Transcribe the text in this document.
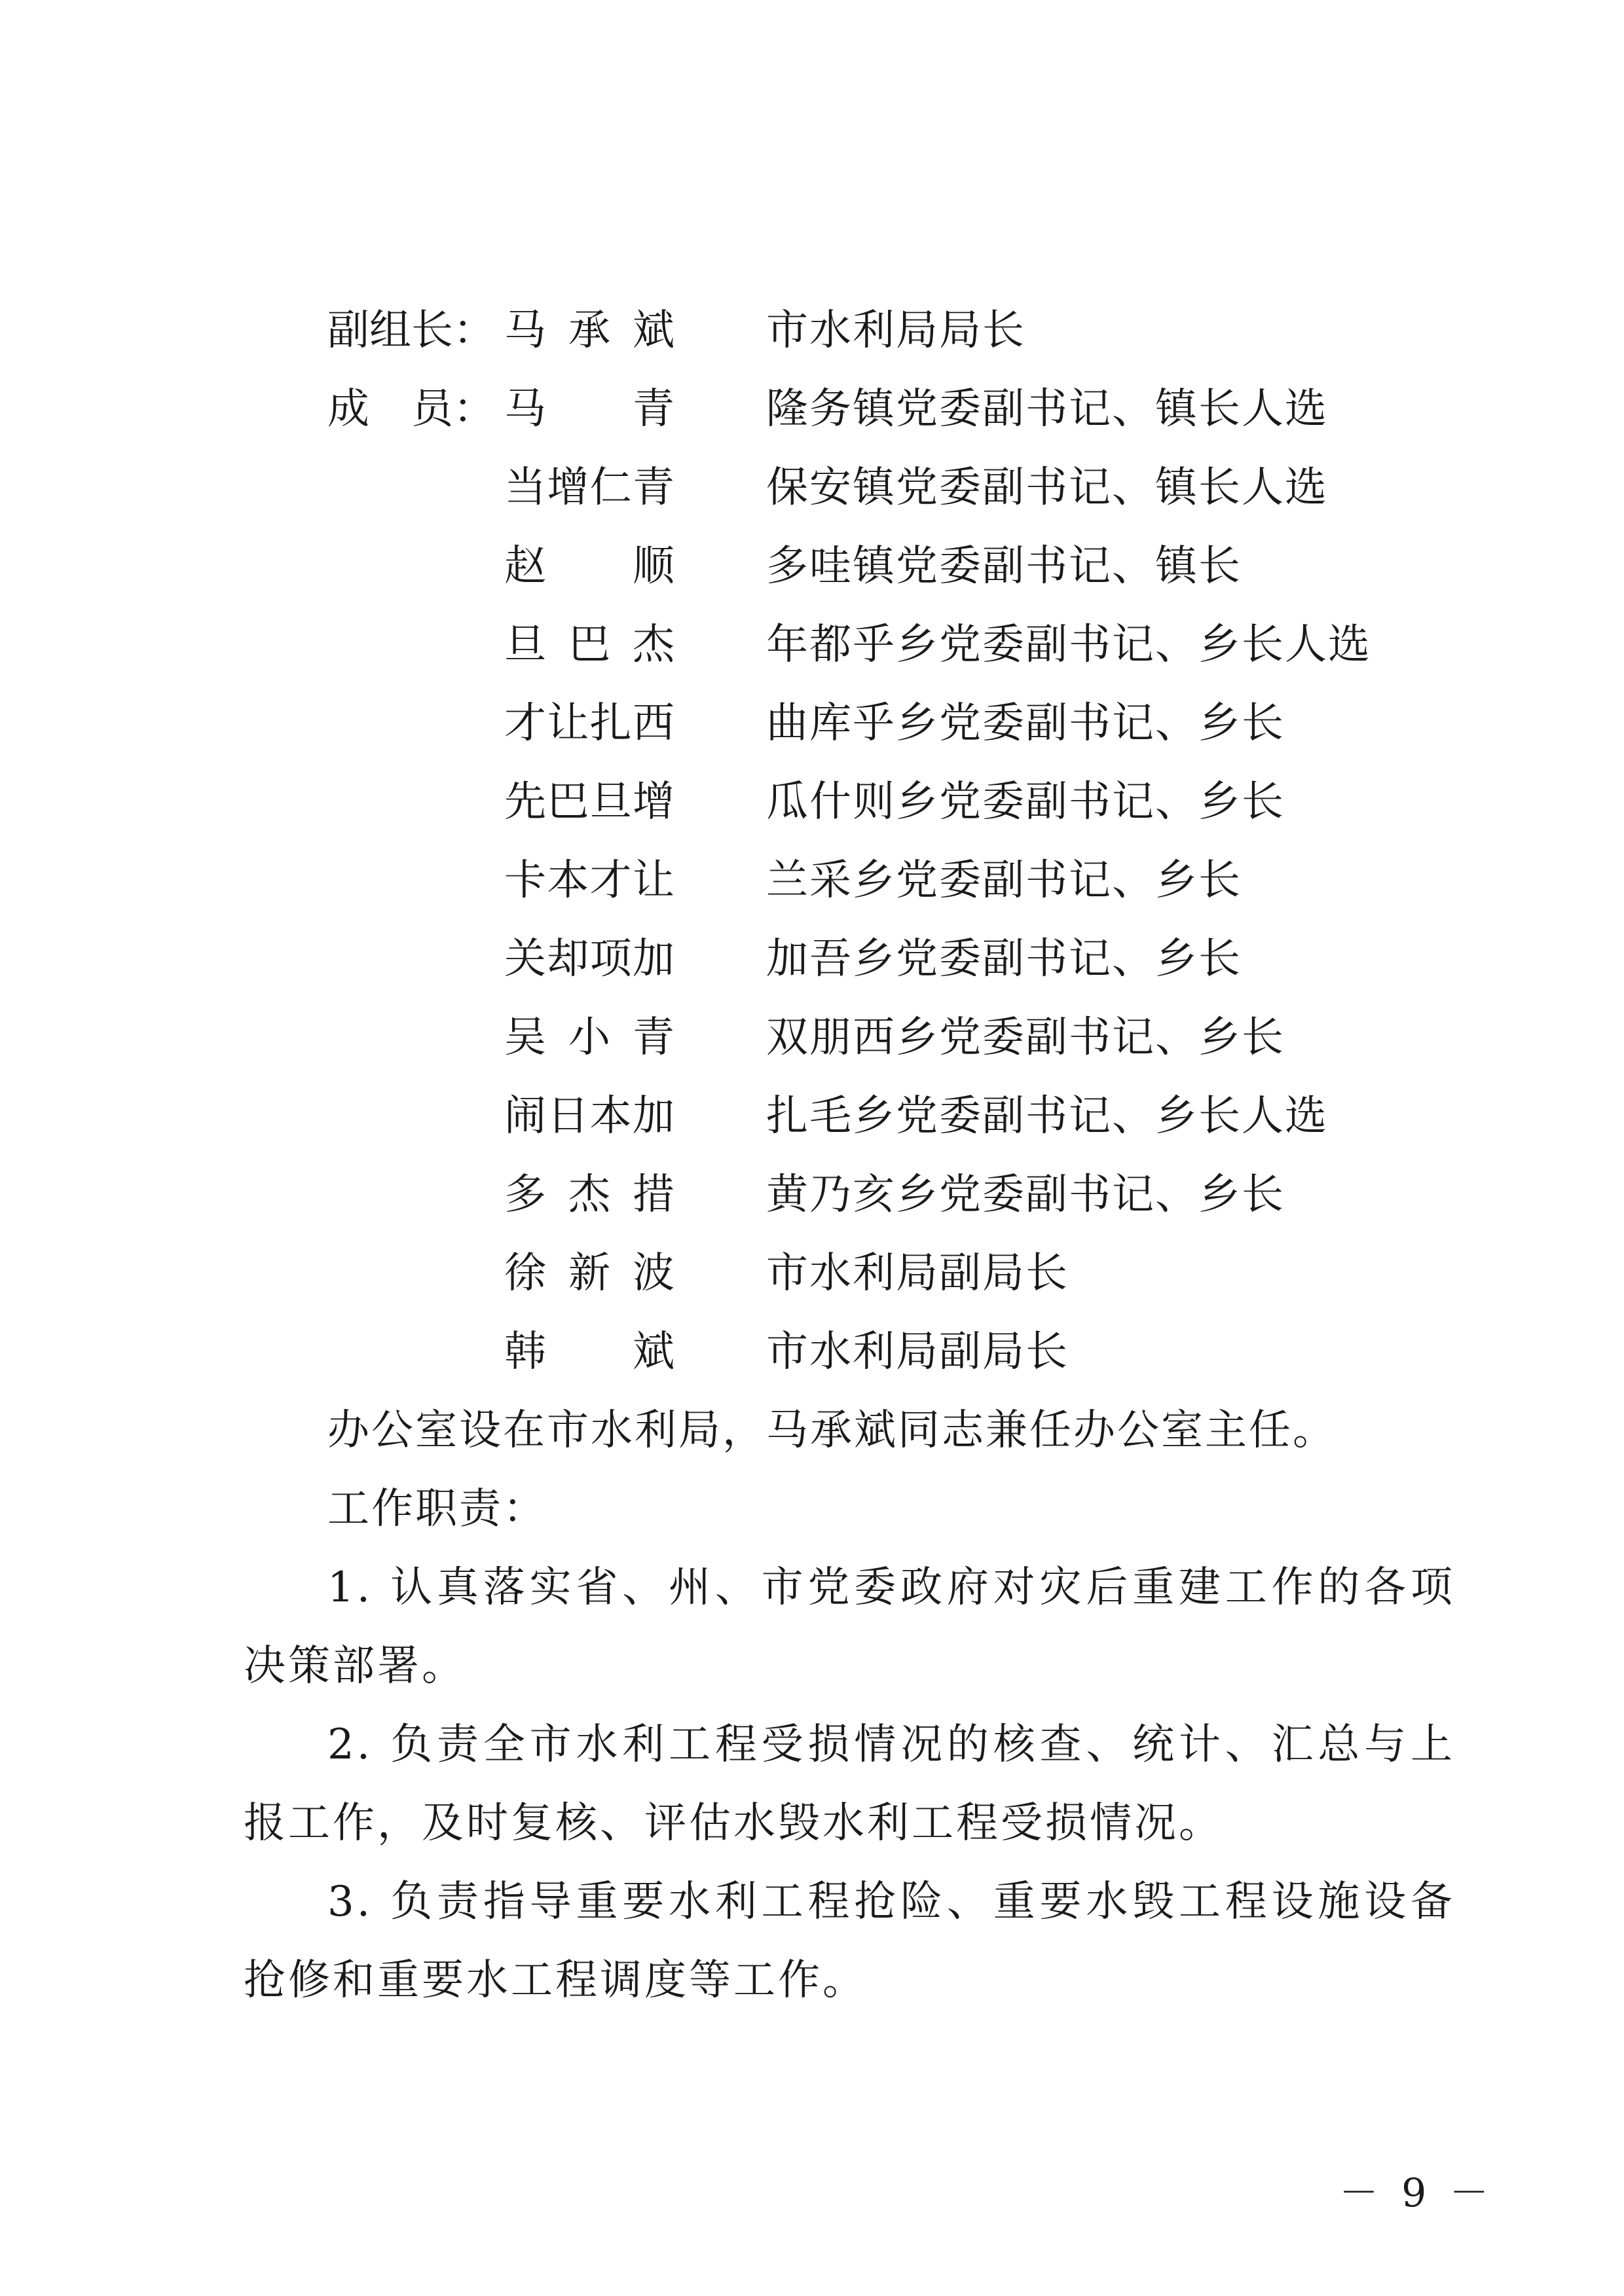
副组长： 马 承 斌 市水利局局长
成　员： 马 青 隆务镇党委副书记、镇长人选
当 增 仁 青 保安镇党委副书记、镇长人选
赵 顺 多哇镇党委副书记、镇长
旦 巴 杰 年都乎乡党委副书记、乡长人选
才 让 扎 西 曲库乎乡党委副书记、乡长
先 巴 旦 增 瓜什则乡党委副书记、乡长
卡 本 才 让 兰采乡党委副书记、乡长
关 却 项 加 加吾乡党委副书记、乡长
吴 小 青 双朋西乡党委副书记、乡长
闹 日 本 加 扎毛乡党委副书记、乡长人选
多 杰 措 黄乃亥乡党委副书记、乡长
徐 新 波 市水利局副局长
韩 斌 市水利局副局长
办公室设在市水利局，马承斌同志兼任办公室主任。
工作职责：
1. 认真落实省、州、市党委政府对灾后重建工作的各项决策部署。
2. 负责全市水利工程受损情况的核查、统计、汇总与上报工作，及时复核、评估水毁水利工程受损情况。
3. 负责指导重要水利工程抢险、重要水毁工程设施设备抢修和重要水工程调度等工作。
－ 9 －
